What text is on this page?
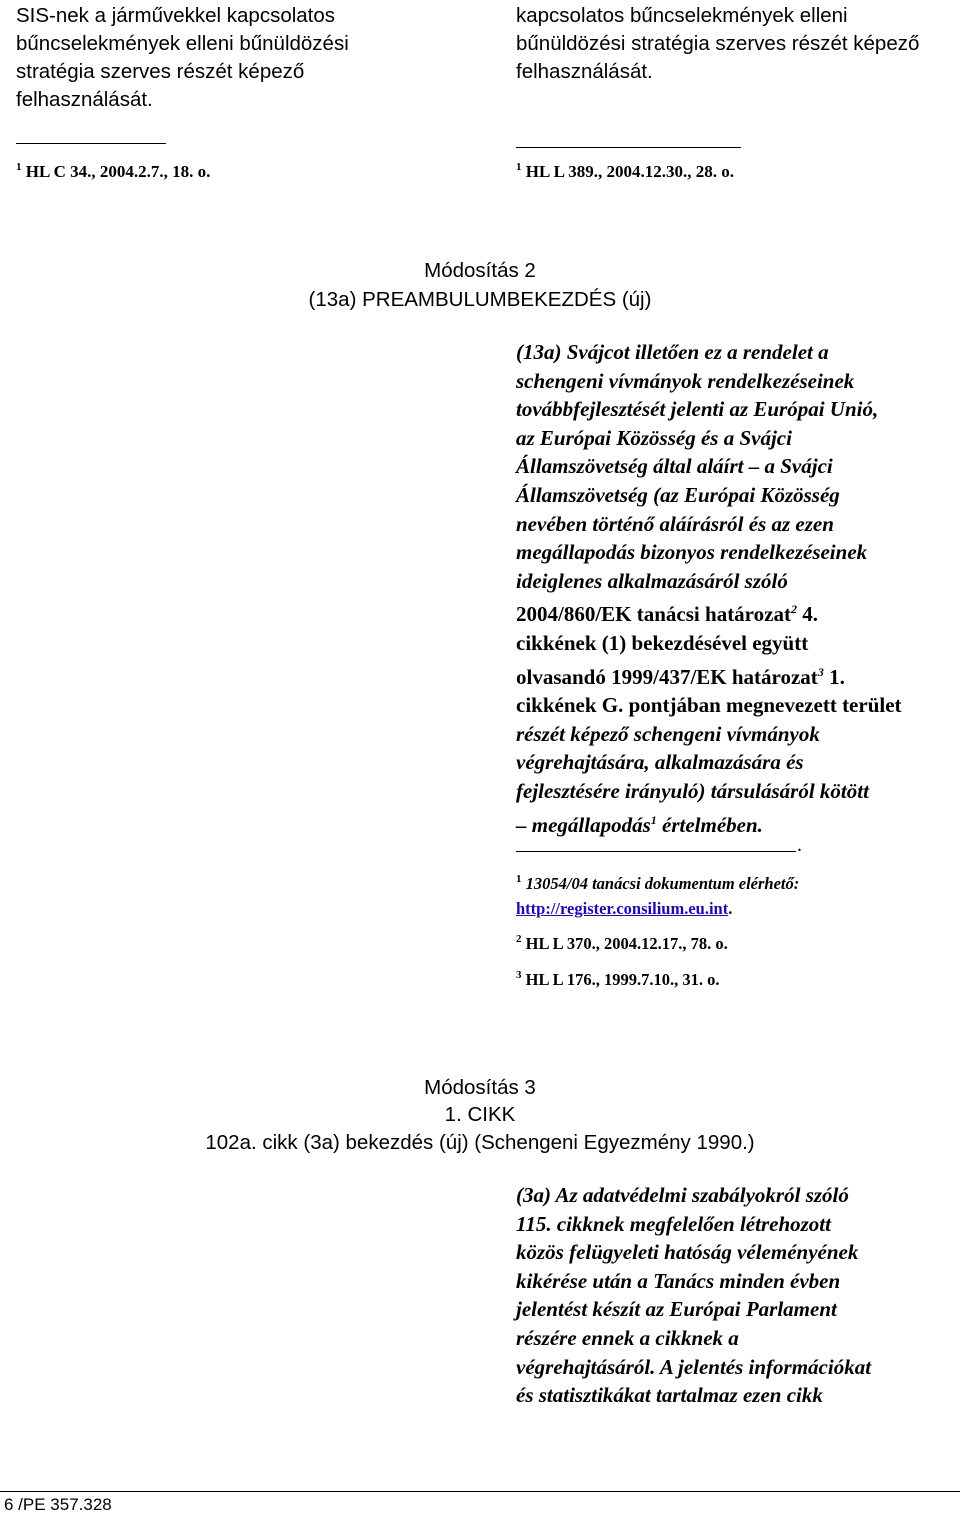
SIS-nek a járművekkel kapcsolatos
bűncselekmények elleni bűnüldözési
stratégia szerves részét képező
felhasználását.
$^1$ HL C 34., 2004.2.7., 18. o.
kapcsolatos bűncselekmények elleni
bűnüldözési stratégia szerves részét képező
felhasználását.
$^1$ HL L 389., 2004.12.30., 28. o.
Módosítás 2
(13a) PREAMBULUMBEKEZDÉS (új)
(13a) Svájcot illetően ez a rendelet a
schengeni vívmányok rendelkezéseinek
továbbfejlesztését jelenti az Európai Unió,
az Európai Közösség és a Svájci
Államszövetség által aláírt – a Svájci
Államszövetség (az Európai Közösség
nevében történő aláírásról és az ezen
megállapodás bizonyos rendelkezéseinek
ideiglenes alkalmazásáról szóló
2004/860/EK tanácsi határozat$^2$ 4.
cikkének (1) bekezdésével együtt
olvasandó 1999/437/EK határozat$^3$ 1.
cikkének G. pontjában megnevezett terület
részét képező schengeni vívmányok
végrehajtására, alkalmazására és
fejlesztésére irányuló) társulásáról kötött
– megállapodás$^1$ értelmében.
.
$^1$ 13054/04 tanácsi dokumentum elérhető:
http://register.consilium.eu.int.
$^2$ HL L 370., 2004.12.17., 78. o.
$^3$ HL L 176., 1999.7.10., 31. o.
Módosítás 3
1. CIKK
102a. cikk (3a) bekezdés (új) (Schengeni Egyezmény 1990.)
(3a) Az adatvédelmi szabályokról szóló
115. cikknek megfelelően létrehozott
közös felügyeleti hatóság véleményének
kikérése után a Tanács minden évben
jelentést készít az Európai Parlament
részére ennek a cikknek a
végrehajtásáról. A jelentés információkat
és statisztikákat tartalmaz ezen cikk
6 /PE 357.328
